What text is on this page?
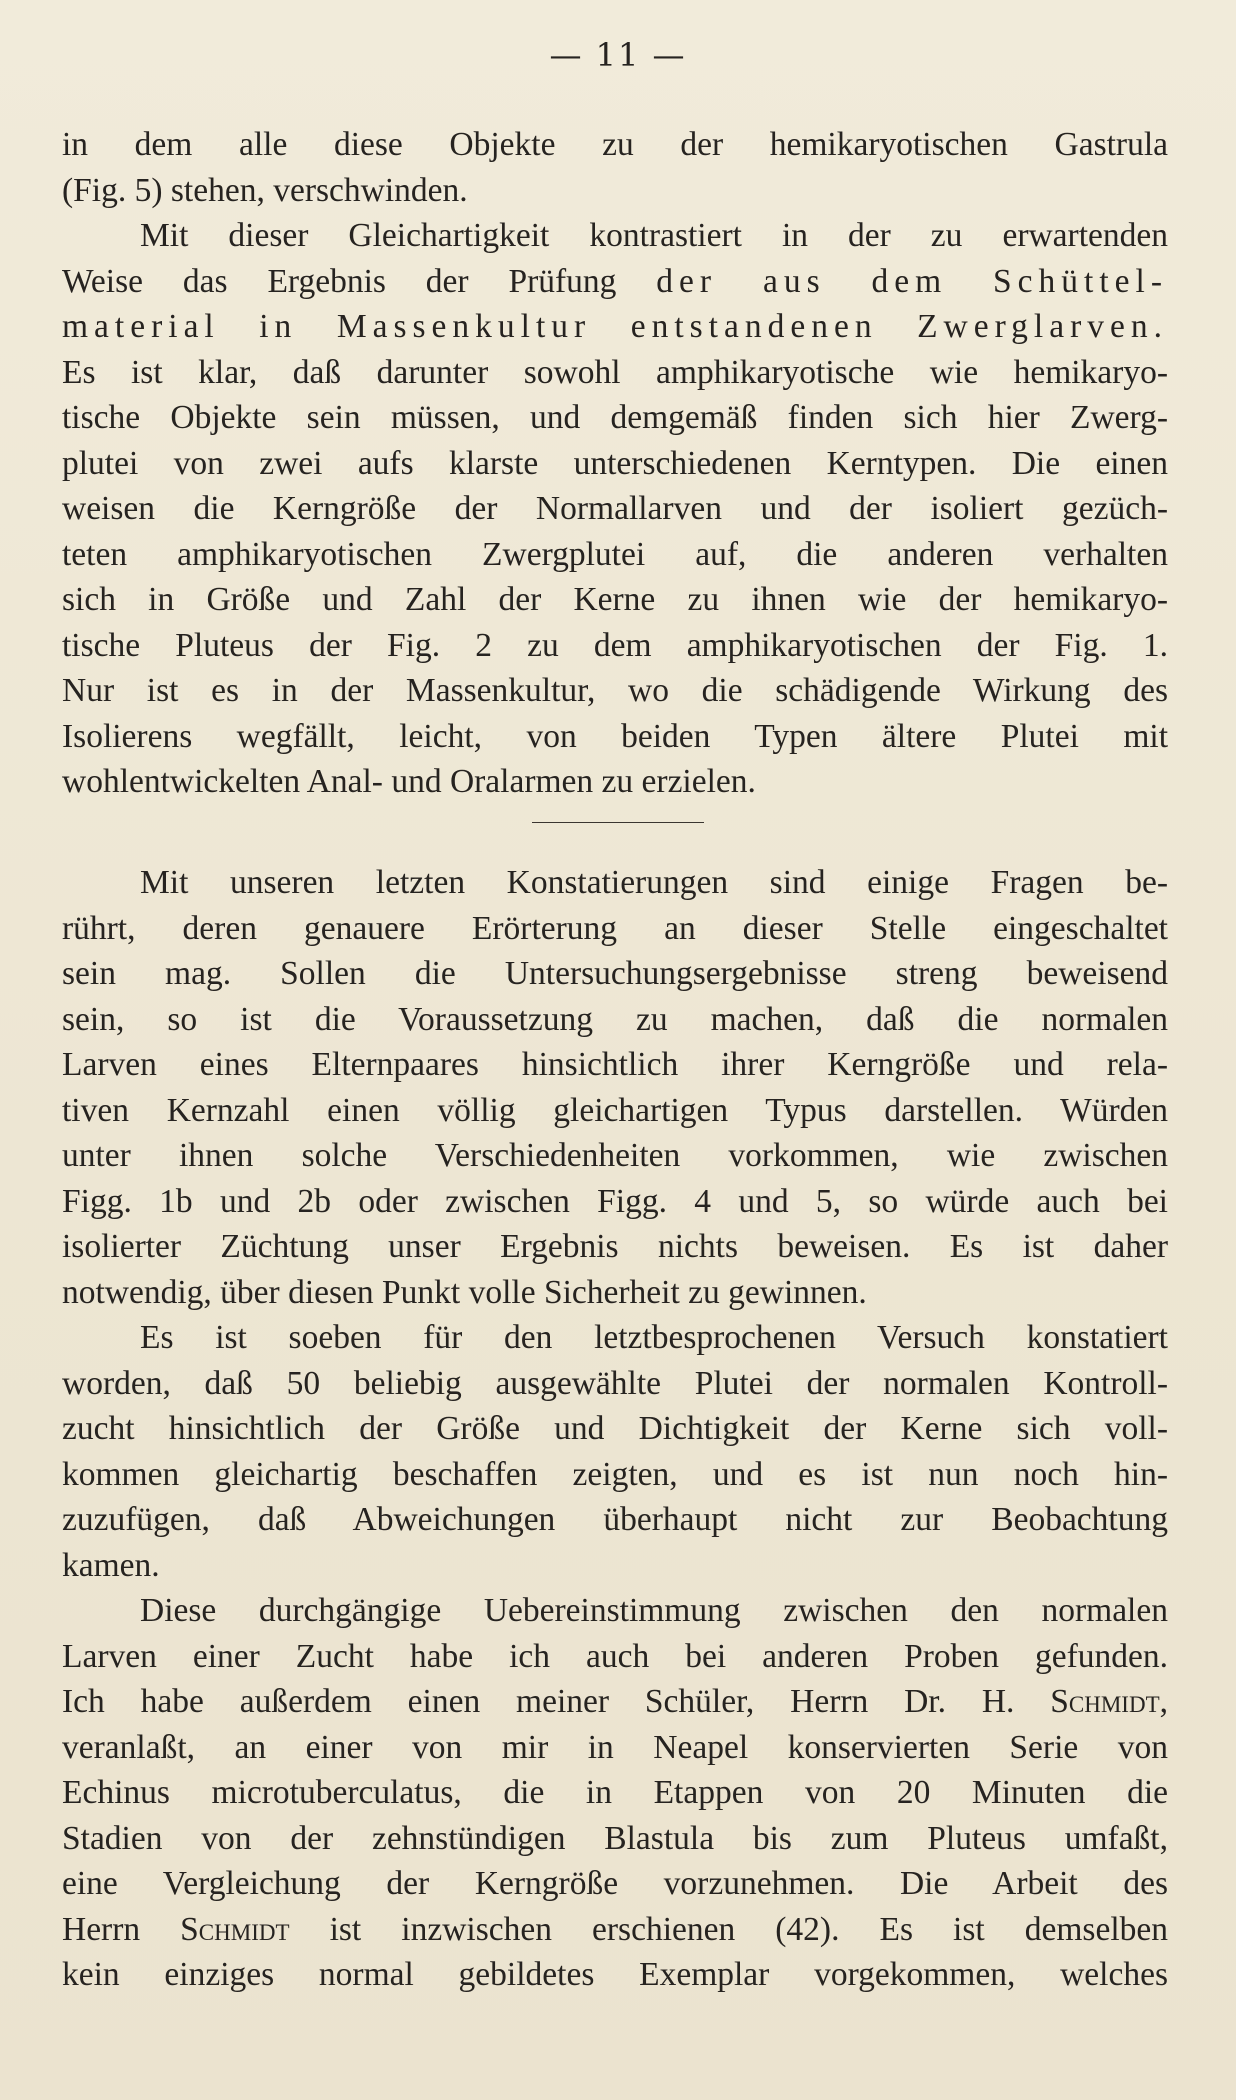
— 11 —
in dem alle diese Objekte zu der hemikaryotischen Gastrula
(Fig. 5) stehen, verschwinden.
Mit dieser Gleichartigkeit kontrastiert in der zu erwartenden
Weise das Ergebnis der Prüfung der aus dem Schüttel-
material in Massenkultur entstandenen Zwerglarven.
Es ist klar, daß darunter sowohl amphikaryotische wie hemikaryo-
tische Objekte sein müssen, und demgemäß finden sich hier Zwerg-
plutei von zwei aufs klarste unterschiedenen Kerntypen. Die einen
weisen die Kerngröße der Normallarven und der isoliert gezüch-
teten amphikaryotischen Zwergplutei auf, die anderen verhalten
sich in Größe und Zahl der Kerne zu ihnen wie der hemikaryo-
tische Pluteus der Fig. 2 zu dem amphikaryotischen der Fig. 1.
Nur ist es in der Massenkultur, wo die schädigende Wirkung des
Isolierens wegfällt, leicht, von beiden Typen ältere Plutei mit
wohlentwickelten Anal- und Oralarmen zu erzielen.
Mit unseren letzten Konstatierungen sind einige Fragen be-
rührt, deren genauere Erörterung an dieser Stelle eingeschaltet
sein mag. Sollen die Untersuchungsergebnisse streng beweisend
sein, so ist die Voraussetzung zu machen, daß die normalen
Larven eines Elternpaares hinsichtlich ihrer Kerngröße und rela-
tiven Kernzahl einen völlig gleichartigen Typus darstellen. Würden
unter ihnen solche Verschiedenheiten vorkommen, wie zwischen
Figg. 1b und 2b oder zwischen Figg. 4 und 5, so würde auch bei
isolierter Züchtung unser Ergebnis nichts beweisen. Es ist daher
notwendig, über diesen Punkt volle Sicherheit zu gewinnen.
Es ist soeben für den letztbesprochenen Versuch konstatiert
worden, daß 50 beliebig ausgewählte Plutei der normalen Kontroll-
zucht hinsichtlich der Größe und Dichtigkeit der Kerne sich voll-
kommen gleichartig beschaffen zeigten, und es ist nun noch hin-
zuzufügen, daß Abweichungen überhaupt nicht zur Beobachtung
kamen.
Diese durchgängige Uebereinstimmung zwischen den normalen
Larven einer Zucht habe ich auch bei anderen Proben gefunden.
Ich habe außerdem einen meiner Schüler, Herrn Dr. H. Schmidt,
veranlaßt, an einer von mir in Neapel konservierten Serie von
Echinus microtuberculatus, die in Etappen von 20 Minuten die
Stadien von der zehnstündigen Blastula bis zum Pluteus umfaßt,
eine Vergleichung der Kerngröße vorzunehmen. Die Arbeit des
Herrn Schmidt ist inzwischen erschienen (42). Es ist demselben
kein einziges normal gebildetes Exemplar vorgekommen, welches
